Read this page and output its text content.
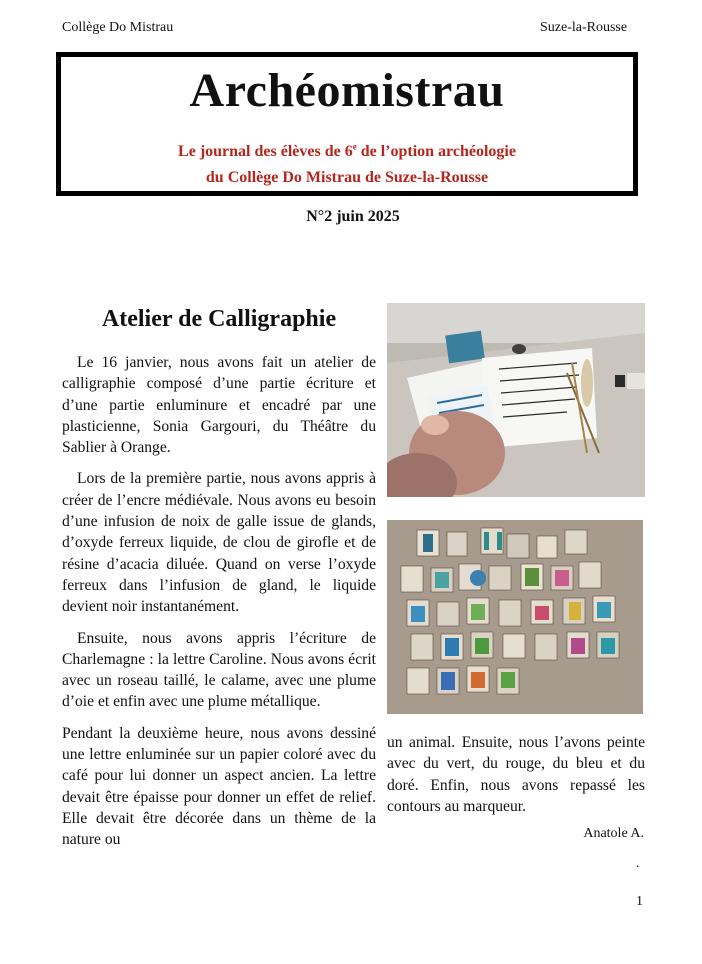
Collège Do Mistrau	Suze-la-Rousse
Archéomistrau
Le journal des élèves de 6e de l’option archéologie
du Collège Do Mistrau de Suze-la-Rousse
N°2 juin 2025
Atelier de Calligraphie

Le 16 janvier, nous avons fait un atelier de calligraphie composé d’une partie écriture et d’une partie enluminure et encadré par une plasticienne, Sonia Gargouri, du Théâtre du Sablier à Orange.

Lors de la première partie, nous avons appris à créer de l’encre médiévale. Nous avons eu besoin d’une infusion de noix de galle issue de glands, d’oxyde ferreux liquide, de clou de girofle et de résine d’acacia diluée. Quand on verse l’oxyde ferreux dans l’infusion de gland, le liquide devient noir instantanément.

Ensuite, nous avons appris l’écriture de Charlemagne : la lettre Caroline. Nous avons écrit avec un roseau taillé, le calame, avec une plume d’oie et enfin avec une plume métallique.

Pendant la deuxième heure, nous avons dessiné une lettre enluminée sur un papier coloré avec du café pour lui donner un aspect ancien. La lettre devait être épaisse pour donner un effet de relief. Elle devait être décorée dans un thème de la nature ou

un animal. Ensuite, nous l’avons peinte avec du vert, du rouge, du bleu et du doré. Enfin, nous avons repassé les contours au marqueur.

Anatole A.
.
1
